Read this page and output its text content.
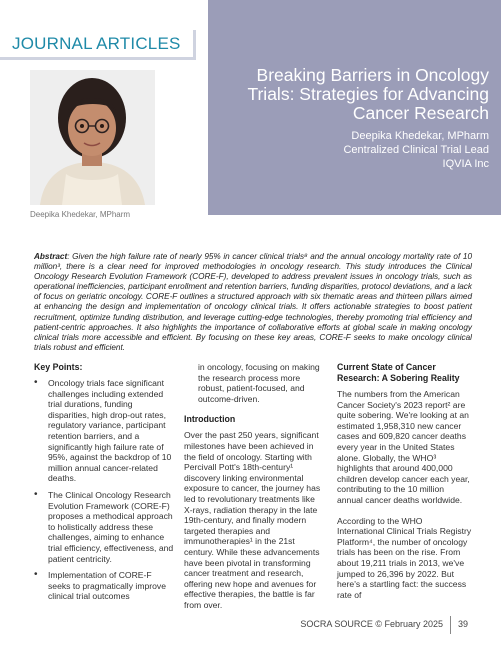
JOURNAL ARTICLES
Deepika Khedekar, MPharm
Breaking Barriers in Oncology Trials: Strategies for Advancing Cancer Research
Deepika Khedekar, MPharm
Centralized Clinical Trial Lead
IQVIA Inc
Abstract: Given the high failure rate of nearly 95% in cancer clinical trials⁸ and the annual oncology mortality rate of 10 million³, there is a clear need for improved methodologies in oncology research. This study introduces the Clinical Oncology Research Evolution Framework (CORE-F), developed to address prevalent issues in oncology trials, such as operational inefficiencies, participant enrollment and retention barriers, funding disparities, protocol deviations, and a lack of focus on geriatric oncology. CORE-F outlines a structured approach with six thematic areas and thirteen pillars aimed at enhancing the design and implementation of oncology clinical trials. It offers actionable strategies to boost patient recruitment, optimize funding distribution, and leverage cutting-edge technologies, thereby promoting trial efficiency and patient-centric approaches. It also highlights the importance of collaborative efforts at global scale in making oncology clinical trials more accessible and efficient. By focusing on these key areas, CORE-F seeks to make oncology clinical trials robust and efficient.
Key Points:
• Oncology trials face significant challenges including extended trial durations, funding disparities, high drop-out rates, regulatory variance, participant retention barriers, and a significantly high failure rate of 95%, against the backdrop of 10 million annual cancer-related deaths.
• The Clinical Oncology Research Evolution Framework (CORE-F) proposes a methodical approach to holistically address these challenges, aiming to enhance trial efficiency, effectiveness, and patient centricity.
• Implementation of CORE-F seeks to pragmatically improve clinical trial outcomes

in oncology, focusing on making the research process more robust, patient-focused, and outcome-driven.

Introduction

Over the past 250 years, significant milestones have been achieved in the field of oncology. Starting with Percivall Pott's 18th-century¹ discovery linking environmental exposure to cancer, the journey has led to revolutionary treatments like X-rays, radiation therapy in the late 19th-century, and finally modern targeted therapies and immunotherapies¹ in the 21st century. While these advancements have been pivotal in transforming cancer treatment and research, offering new hope and avenues for effective therapies, the battle is far from over.

Current State of Cancer Research: A Sobering Reality

The numbers from the American Cancer Society's 2023 report² are quite sobering. We're looking at an estimated 1,958,310 new cancer cases and 609,820 cancer deaths every year in the United States alone. Globally, the WHO³ highlights that around 400,000 children develop cancer each year, contributing to the 10 million annual cancer deaths worldwide.

According to the WHO International Clinical Trials Registry Platform⁴, the number of oncology trials has been on the rise. From about 19,211 trials in 2013, we've jumped to 26,396 by 2022. But here's a startling fact: the success rate of

SOCRA SOURCE © February 2025 39
